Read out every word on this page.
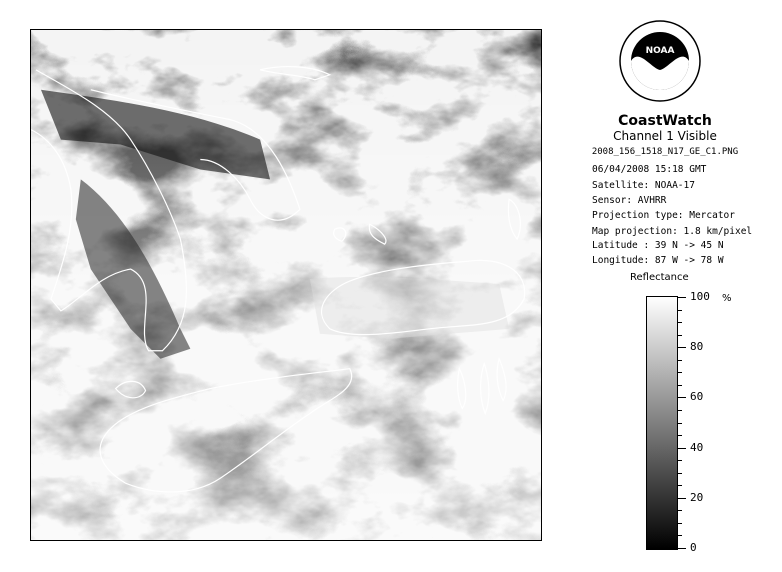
NOAA
CoastWatch
Channel 1 Visible
2008_156_1518_N17_GE_C1.PNG
06/04/2008 15:18 GMT
Satellite: NOAA-17
Sensor: AVHRR
Projection type: Mercator
Map projection: 1.8 km/pixel
Latitude : 39 N -> 45 N
Longitude: 87 W -> 78 W
Reflectance
%
100
80
60
40
20
0
